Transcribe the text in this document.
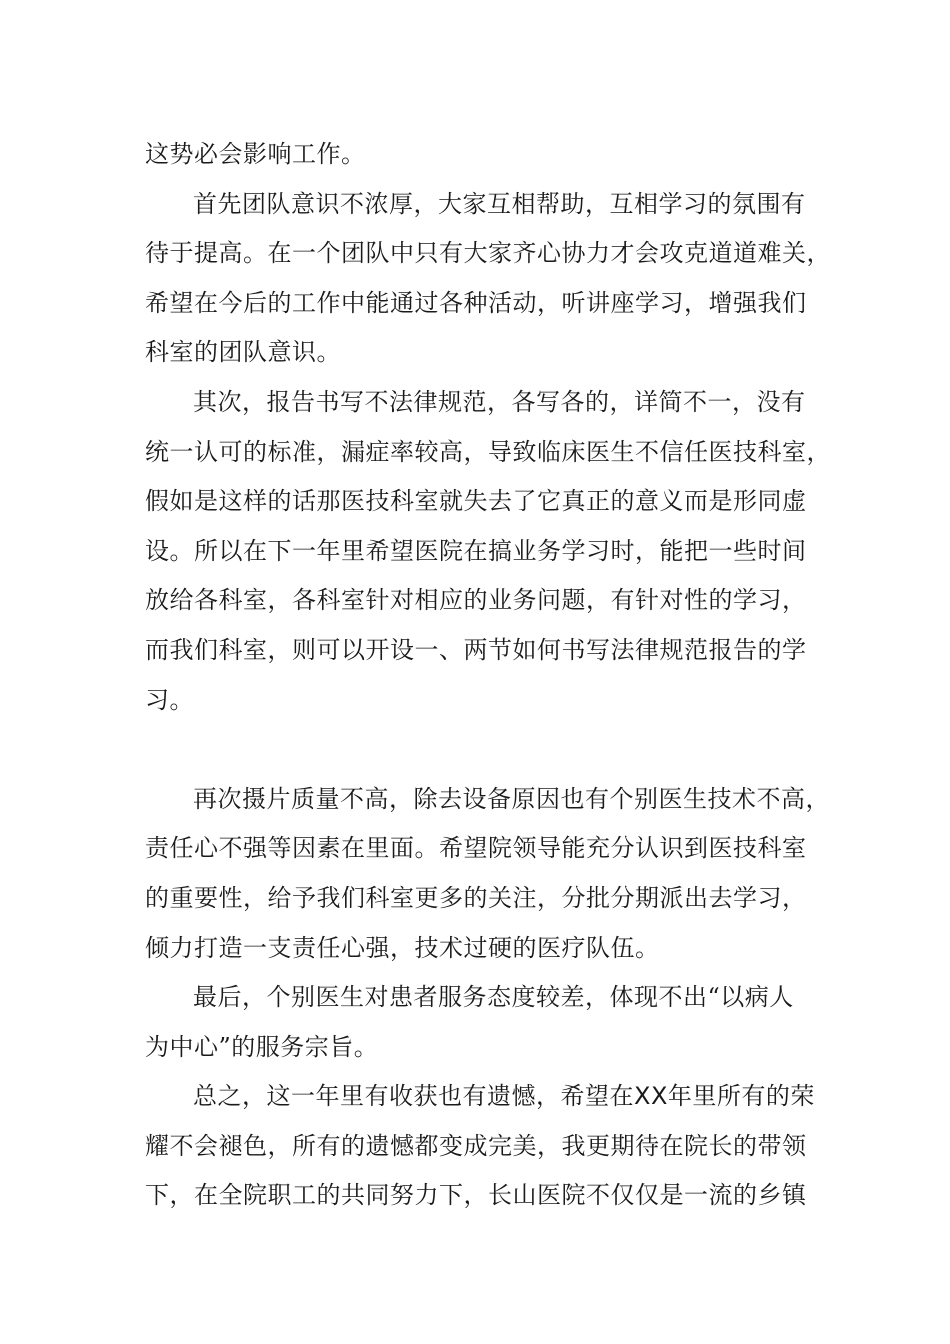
这势必会影响工作。
首先团队意识不浓厚，大家互相帮助，互相学习的氛围有
待于提高。在一个团队中只有大家齐心协力才会攻克道道难关，
希望在今后的工作中能通过各种活动，听讲座学习，增强我们
科室的团队意识。
其次，报告书写不法律规范，各写各的，详简不一，没有
统一认可的标准，漏症率较高，导致临床医生不信任医技科室，
假如是这样的话那医技科室就失去了它真正的意义而是形同虚
设。所以在下一年里希望医院在搞业务学习时，能把一些时间
放给各科室，各科室针对相应的业务问题，有针对性的学习，
而我们科室，则可以开设一、两节如何书写法律规范报告的学
习。
再次摄片质量不高，除去设备原因也有个别医生技术不高，
责任心不强等因素在里面。希望院领导能充分认识到医技科室
的重要性，给予我们科室更多的关注，分批分期派出去学习，
倾力打造一支责任心强，技术过硬的医疗队伍。
最后，个别医生对患者服务态度较差，体现不出“以病人
为中心”的服务宗旨。
总之，这一年里有收获也有遗憾，希望在XX年里所有的荣
耀不会褪色，所有的遗憾都变成完美，我更期待在院长的带领
下，在全院职工的共同努力下，长山医院不仅仅是一流的乡镇
